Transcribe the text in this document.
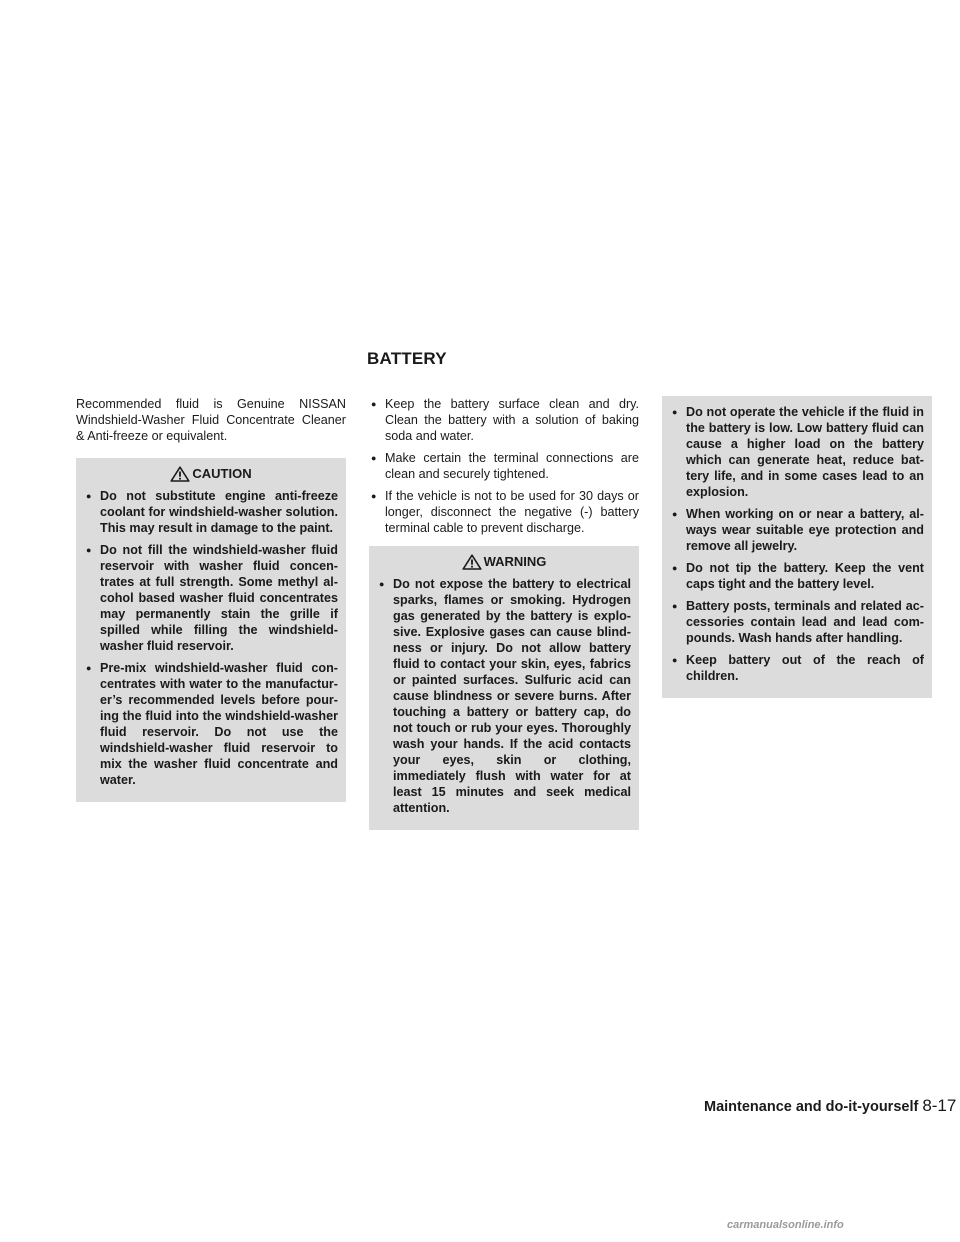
BATTERY

Recommended fluid is Genuine NISSAN Windshield-Washer Fluid Concentrate Cleaner & Anti-freeze or equivalent.

CAUTION
● Do not substitute engine anti-freeze coolant for windshield-washer solution. This may result in damage to the paint.
● Do not fill the windshield-washer fluid reservoir with washer fluid concen-trates at full strength. Some methyl al-cohol based washer fluid concentrates may permanently stain the grille if spilled while filling the windshield-washer fluid reservoir.
● Pre-mix windshield-washer fluid con-centrates with water to the manufactur-er’s recommended levels before pour-ing the fluid into the windshield-washer fluid reservoir. Do not use the windshield-washer fluid reservoir to mix the washer fluid concentrate and water.
● Keep the battery surface clean and dry. Clean the battery with a solution of baking soda and water.
● Make certain the terminal connections are clean and securely tightened.
● If the vehicle is not to be used for 30 days or longer, disconnect the negative (-) battery terminal cable to prevent discharge.
WARNING
● Do not expose the battery to electrical sparks, flames or smoking. Hydrogen gas generated by the battery is explo-sive. Explosive gases can cause blind-ness or injury. Do not allow battery fluid to contact your skin, eyes, fabrics or painted surfaces. Sulfuric acid can cause blindness or severe burns. After touching a battery or battery cap, do not touch or rub your eyes. Thoroughly wash your hands. If the acid contacts your eyes, skin or clothing, immediately flush with water for at least 15 minutes and seek medical attention.
● Do not operate the vehicle if the fluid in the battery is low. Low battery fluid can cause a higher load on the battery which can generate heat, reduce bat-tery life, and in some cases lead to an explosion.
● When working on or near a battery, al-ways wear suitable eye protection and remove all jewelry.
● Do not tip the battery. Keep the vent caps tight and the battery level.
● Battery posts, terminals and related ac-cessories contain lead and lead com-pounds. Wash hands after handling.
● Keep battery out of the reach of children.
Maintenance and do-it-yourself 8-17
carmanualsonline.info
